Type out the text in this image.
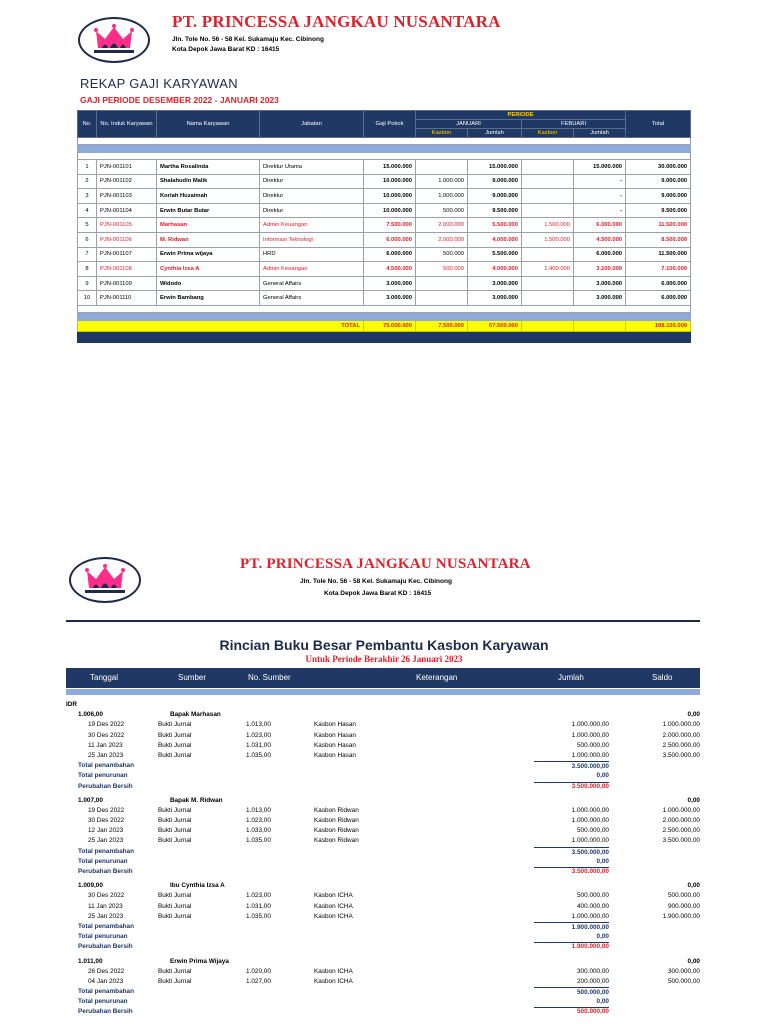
PT. PRINCESSA JANGKAU NUSANTARA
Jln. Tole No. 56 - 58 Kel. Sukamaju Kec. Cibinong
Kota Depok Jawa Barat KD : 16415
REKAP GAJI KARYAWAN
GAJI PERIODE DESEMBER 2022 - JANUARI 2023
No.	No. Induk Karyawan	Nama Karyawan	Jabatan	Gaji Pokok	PERIODE				Total
					JANUARI		FEBUARI		
					Kasbon	Jumlah	Kasbon	Jumlah	

1	PJN-001101	Martha Rosalinda	Direktur Utama	15.000.000		15.000.000		15.000.000	30.000.000
2	PJN-001102	Shalahudin Malik	Direktur	10.000.000	1.000.000	9.000.000		-	9.000.000
3	PJN-001103	Koriah Huzaimah	Direktur	10.000.000	1.000.000	9.000.000		-	9.000.000
4	PJN-001104	Erwin Butar Butar	Direktur	10.000.000	500.000	9.500.000		-	9.500.000
5	PJN-001105	Marhasan	Admin Keuangan	7.500.000	2.000.000	5.500.000	1.500.000	6.000.000	11.500.000
6	PJN-001106	M. Ridwan	Informasi Teknologi	6.000.000	2.000.000	4.000.000	1.500.000	4.500.000	8.500.000
7	PJN-001107	Erwin Prima wijaya	HRD	6.000.000	500.000	5.500.000		6.000.000	11.500.000
8	PJN-001108	Cynthia Izsa A	Admin Keuangan	4.500.000	500.000	4.000.000	1.400.000	3.100.000	7.100.000
9	PJN-001109	Widodo	General Affairs	3.000.000		3.000.000		3.000.000	6.000.000
10	PJN-001110	Erwin Bambang	General Affairs	3.000.000		3.000.000		3.000.000	6.000.000

TOTAL				75.000.000	7.500.000	67.500.000			108.100.000

PT. PRINCESSA JANGKAU NUSANTARA
Jln. Tole No. 56 - 58 Kel. Sukamaju Kec. Cibinong
Kota Depok Jawa Barat KD : 16415
Rincian Buku Besar Pembantu Kasbon Karyawan
Untuk Periode Berakhir 26 Januari 2023
Tanggal	Sumber	No. Sumber	Keterangan	Jumlah	Saldo
IDR
1.006,00	Bapak Marhasan	0,00
19 Des 2022	Bukti Jurnal	1.013,00	Kasbon Hasan	1.000.000,00	1.000.000,00
30 Des 2022	Bukti Jurnal	1.023,00	Kasbon Hasan	1.000.000,00	2.000.000,00
11 Jan 2023	Bukti Jurnal	1.031,00	Kasbon Hasan	500.000,00	2.500.000,00
25 Jan 2023	Bukti Jurnal	1.035,00	Kasbon Hasan	1.000.000,00	3.500.000,00
Total penambahan	3.500.000,00
Total penurunan	0,00
Perubahan Bersih	3.500.000,00
1.007,00	Bapak M. Ridwan	0,00
19 Des 2022	Bukti Jurnal	1.013,00	Kasbon Ridwan	1.000.000,00	1.000.000,00
30 Des 2022	Bukti Jurnal	1.023,00	Kasbon Ridwan	1.000.000,00	2.000.000,00
12 Jan 2023	Bukti Jurnal	1.033,00	Kasbon Ridwan	500.000,00	2.500.000,00
25 Jan 2023	Bukti Jurnal	1.035,00	Kasbon Ridwan	1.000.000,00	3.500.000,00
Total penambahan	3.500.000,00
Total penurunan	0,00
Perubahan Bersih	3.500.000,00
1.009,00	Ibu Cynthia Izsa A	0,00
30 Des 2022	Bukti Jurnal	1.023,00	Kasbon ICHA	500.000,00	500.000,00
11 Jan 2023	Bukti Jurnal	1.031,00	Kasbon ICHA	400.000,00	900.000,00
25 Jan 2023	Bukti Jurnal	1.035,00	Kasbon ICHA	1.000.000,00	1.900.000,00
Total penambahan	1.900.000,00
Total penurunan	0,00
Perubahan Bersih	1.900.000,00
1.011,00	Erwin Prima Wijaya	0,00
26 Des 2022	Bukti Jurnal	1.020,00	Kasbon ICHA	300.000,00	300.000,00
04 Jan 2023	Bukti Jurnal	1.027,00	Kasbon ICHA	200.000,00	500.000,00
Total penambahan	500.000,00
Total penurunan	0,00
Perubahan Bersih	500.000,00
